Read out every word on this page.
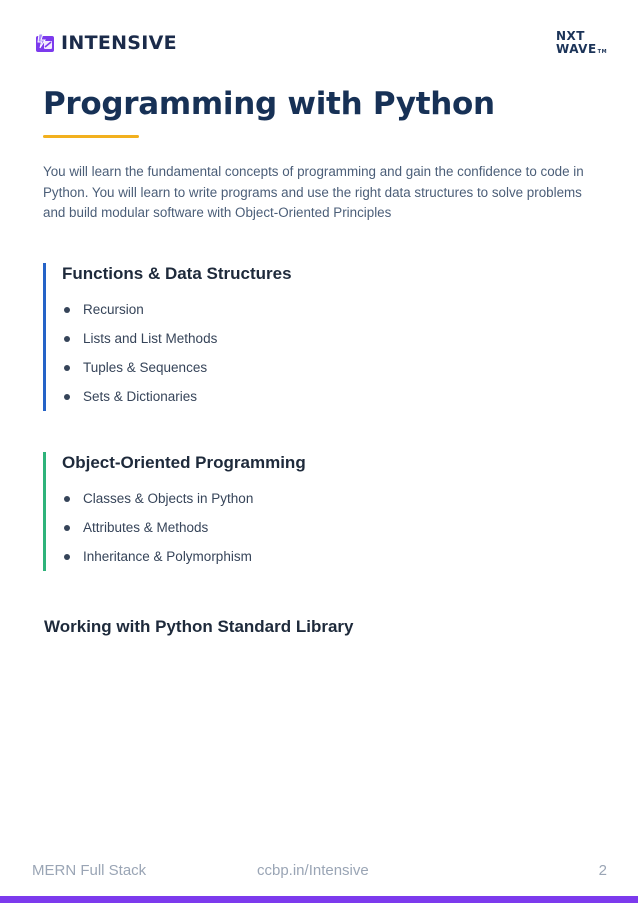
INTENSIVE	NXT
WAVETM
Programming with Python

You will learn the fundamental concepts of programming and gain the confidence to code in Python. You will learn to write programs and use the right data structures to solve problems and build modular software with Object-Oriented Principles

Functions & Data Structures
Recursion
Lists and List Methods
Tuples & Sequences
Sets & Dictionaries
Object-Oriented Programming
Classes & Objects in Python
Attributes & Methods
Inheritance & Polymorphism
Working with Python Standard Library
MERN Full Stack	ccbp.in/Intensive	2
